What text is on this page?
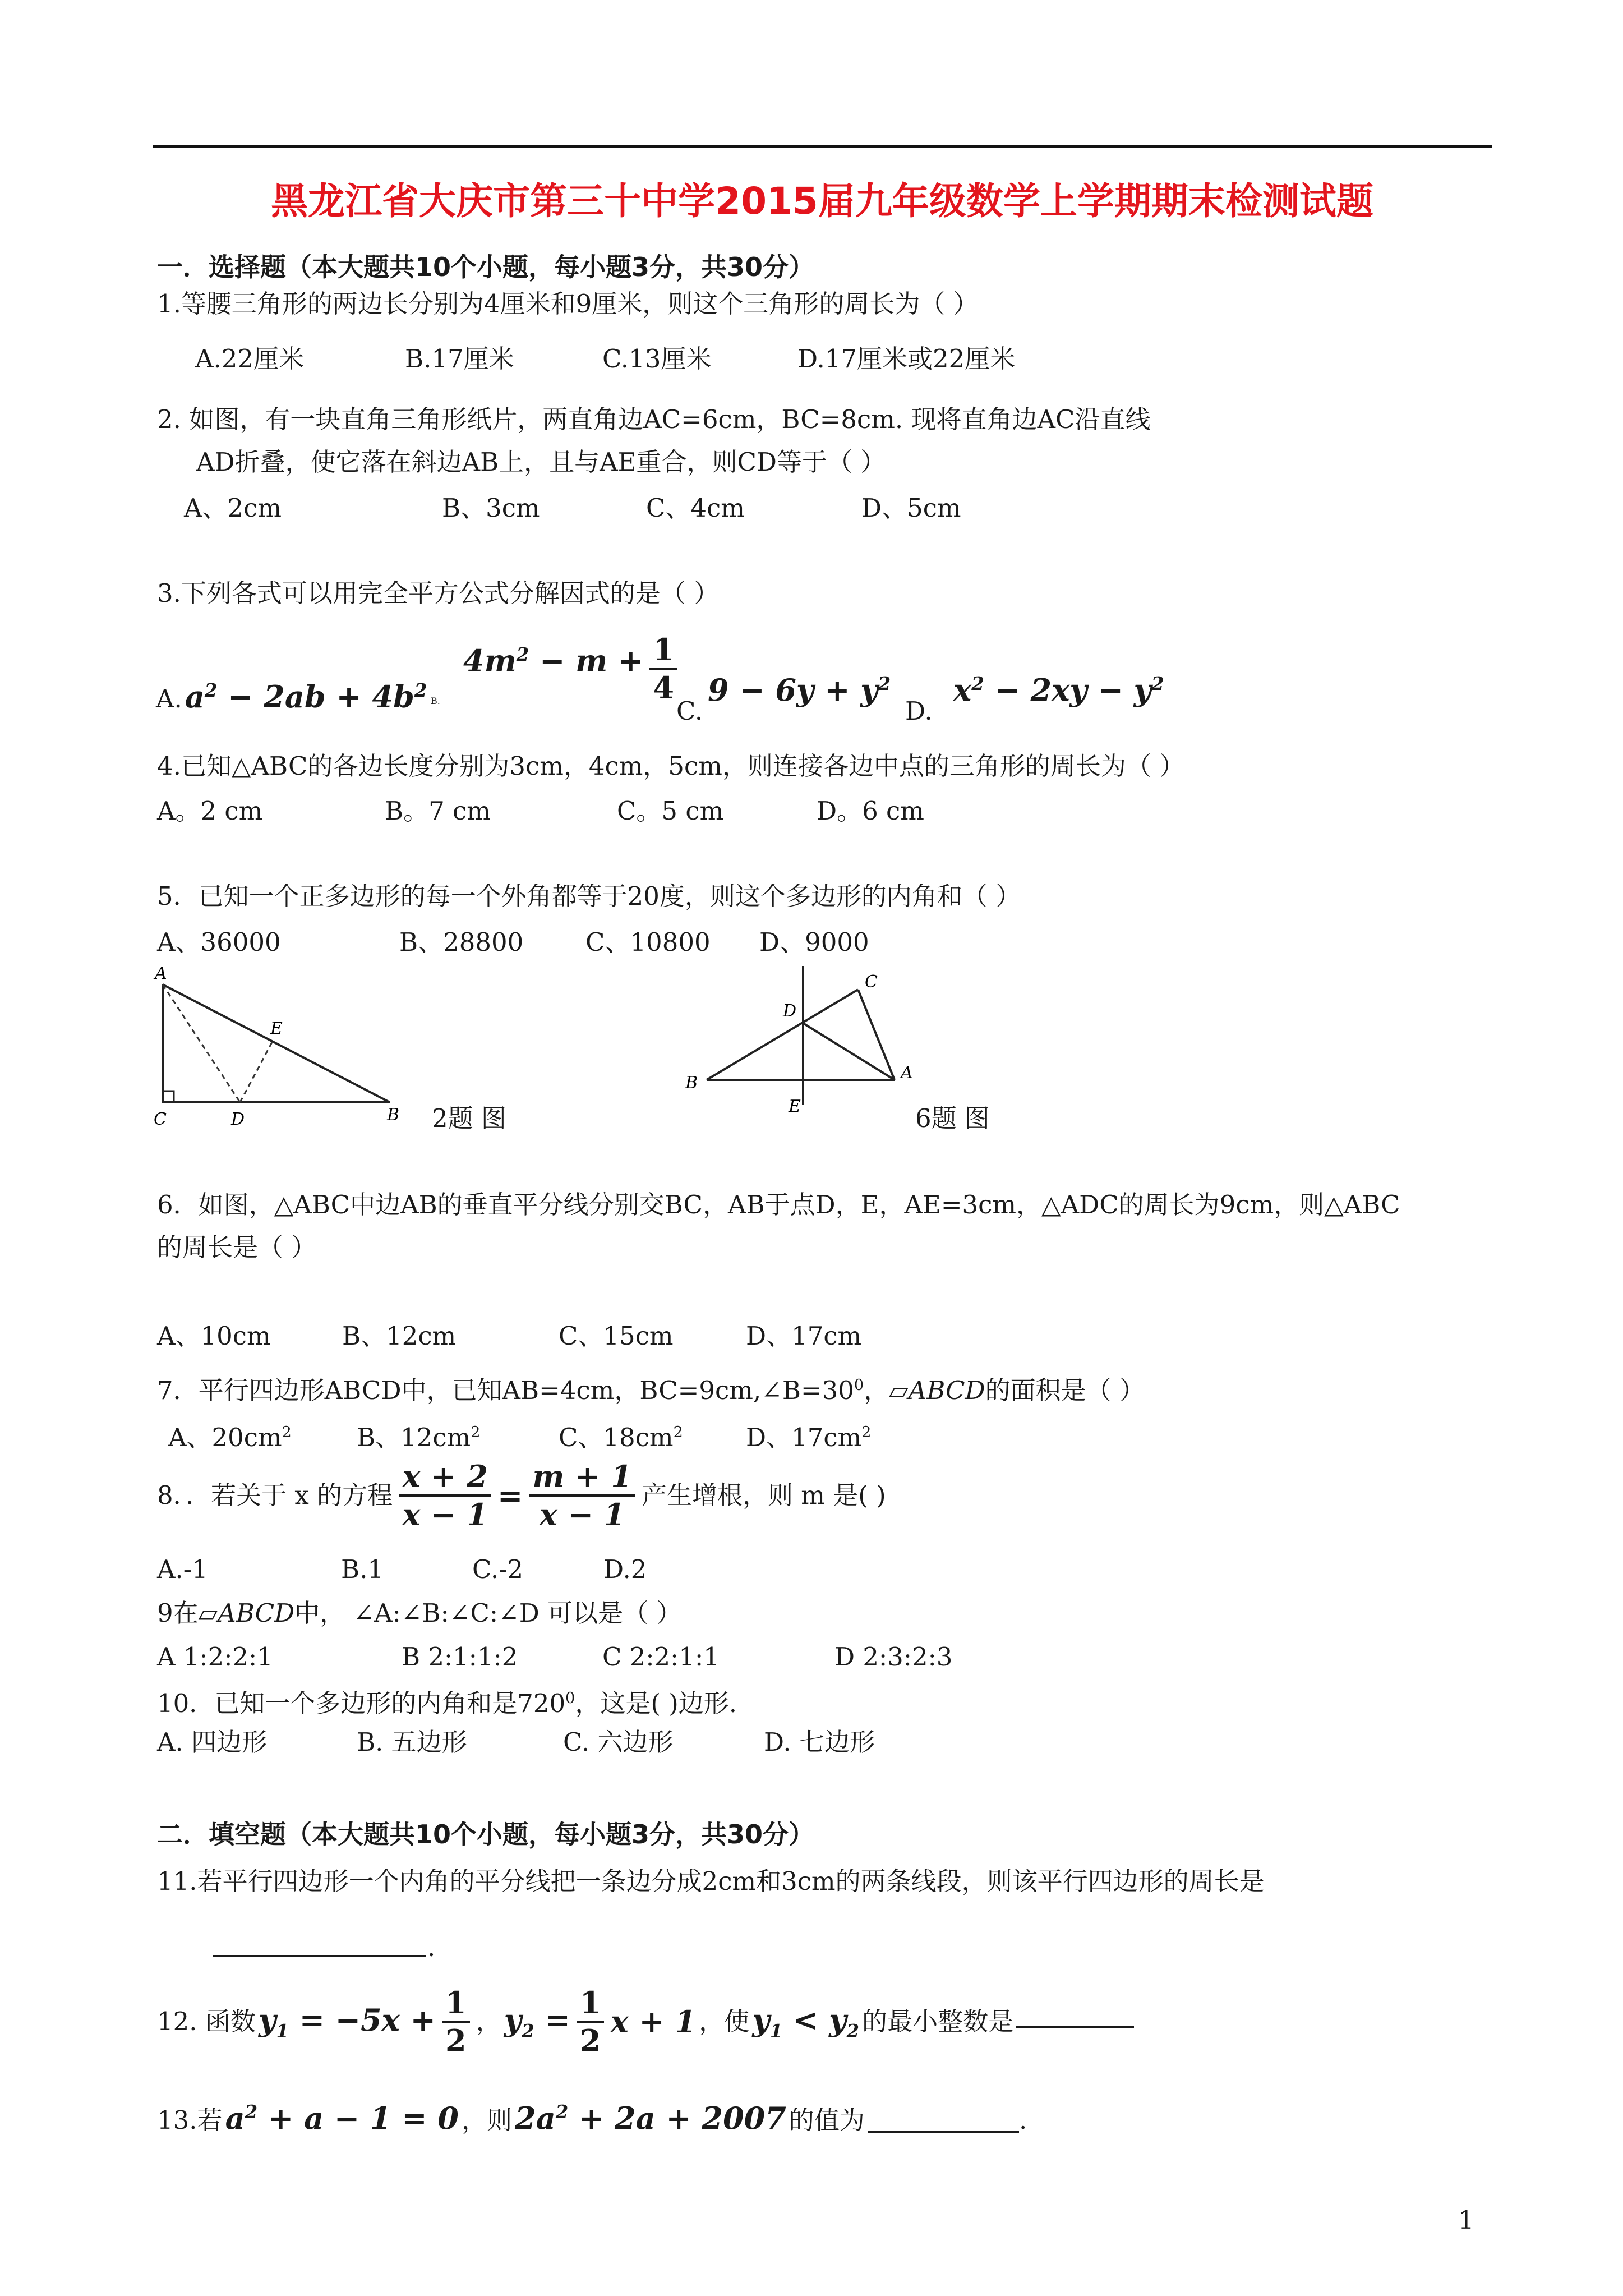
黑龙江省大庆市第三十中学2015届九年级数学上学期期末检测试题
一．选择题（本大题共10个小题，每小题3分，共30分）
1.等腰三角形的两边长分别为4厘米和9厘米，则这个三角形的周长为（ ）
A.22厘米	B.17厘米	C.13厘米	D.17厘米或22厘米
2. 如图，有一块直角三角形纸片，两直角边AC=6cm，BC=8cm. 现将直角边AC沿直线
AD折叠，使它落在斜边AB上，且与AE重合，则CD等于（ ）
A、2cm	B、3cm	C、4cm	D、5cm
3.下列各式可以用完全平方公式分解因式的是（ ）
A. $a^2 - 2ab + 4b^2$ B.
$4m^2 - m + \frac{1}{4}$
C.
$9 - 6y + y^2$
D.
$x^2 - 2xy - y^2$
4.已知△ABC的各边长度分别为3cm，4cm，5cm，则连接各边中点的三角形的周长为（ ）
A。2 cm	B。7 cm	C。5 cm	D。6 cm
5．已知一个正多边形的每一个外角都等于20度，则这个多边形的内角和（ ）
A、36000	B、28800 C、10800 D、9000
A
C	D
E
B 2题 图
C
D
B
A
E	6题 图
6．如图，△ABC中边AB的垂直平分线分别交BC，AB于点D，E，AE=3cm，△ADC的周长为9cm，则△ABC
的周长是（ ）
A、10cm	B、12cm	C、15cm	D、17cm
7．平行四边形ABCD中，已知AB=4cm，$BC=9cm,\angle B=30^0$，▱ABCD的面积是（ ）
A、$20cm^2$	B、$12cm^2$	C、$18cm^2$ D、$17cm^2$
8．．若关于 x 的方程 $\frac{x + 2}{x - 1} = \frac{m + 1}{x - 1}$ 产生增根，则 m 是( )
A.-1	B.1	C.-2	D.2
9在▱ABCD中， ∠A:∠B:∠C:∠D 可以是（ ）
A 1:2:2:1	B 2:1:1:2	C 2:2:1:1	D 2:3:2:3
10．已知一个多边形的内角和是$720^0$，这是( )边形.
A. 四边形	B. 五边形	C. 六边形	D. 七边形
二．填空题（本大题共10个小题，每小题3分，共30分）
11.若平行四边形一个内角的平分线把一条边分成2cm和3cm的两条线段，则该平行四边形的周长是
.
12. 函数 $y_1 = -5x + \frac{1}{2}$ ， $y_2 = \frac{1}{2}$ x + 1 ，使 $y_1 < y_2$ 的最小整数是
13.若 $a^2 + a - 1 = 0$ ，则 $2a^2 + 2a + 2007$ 的值为	.
1
